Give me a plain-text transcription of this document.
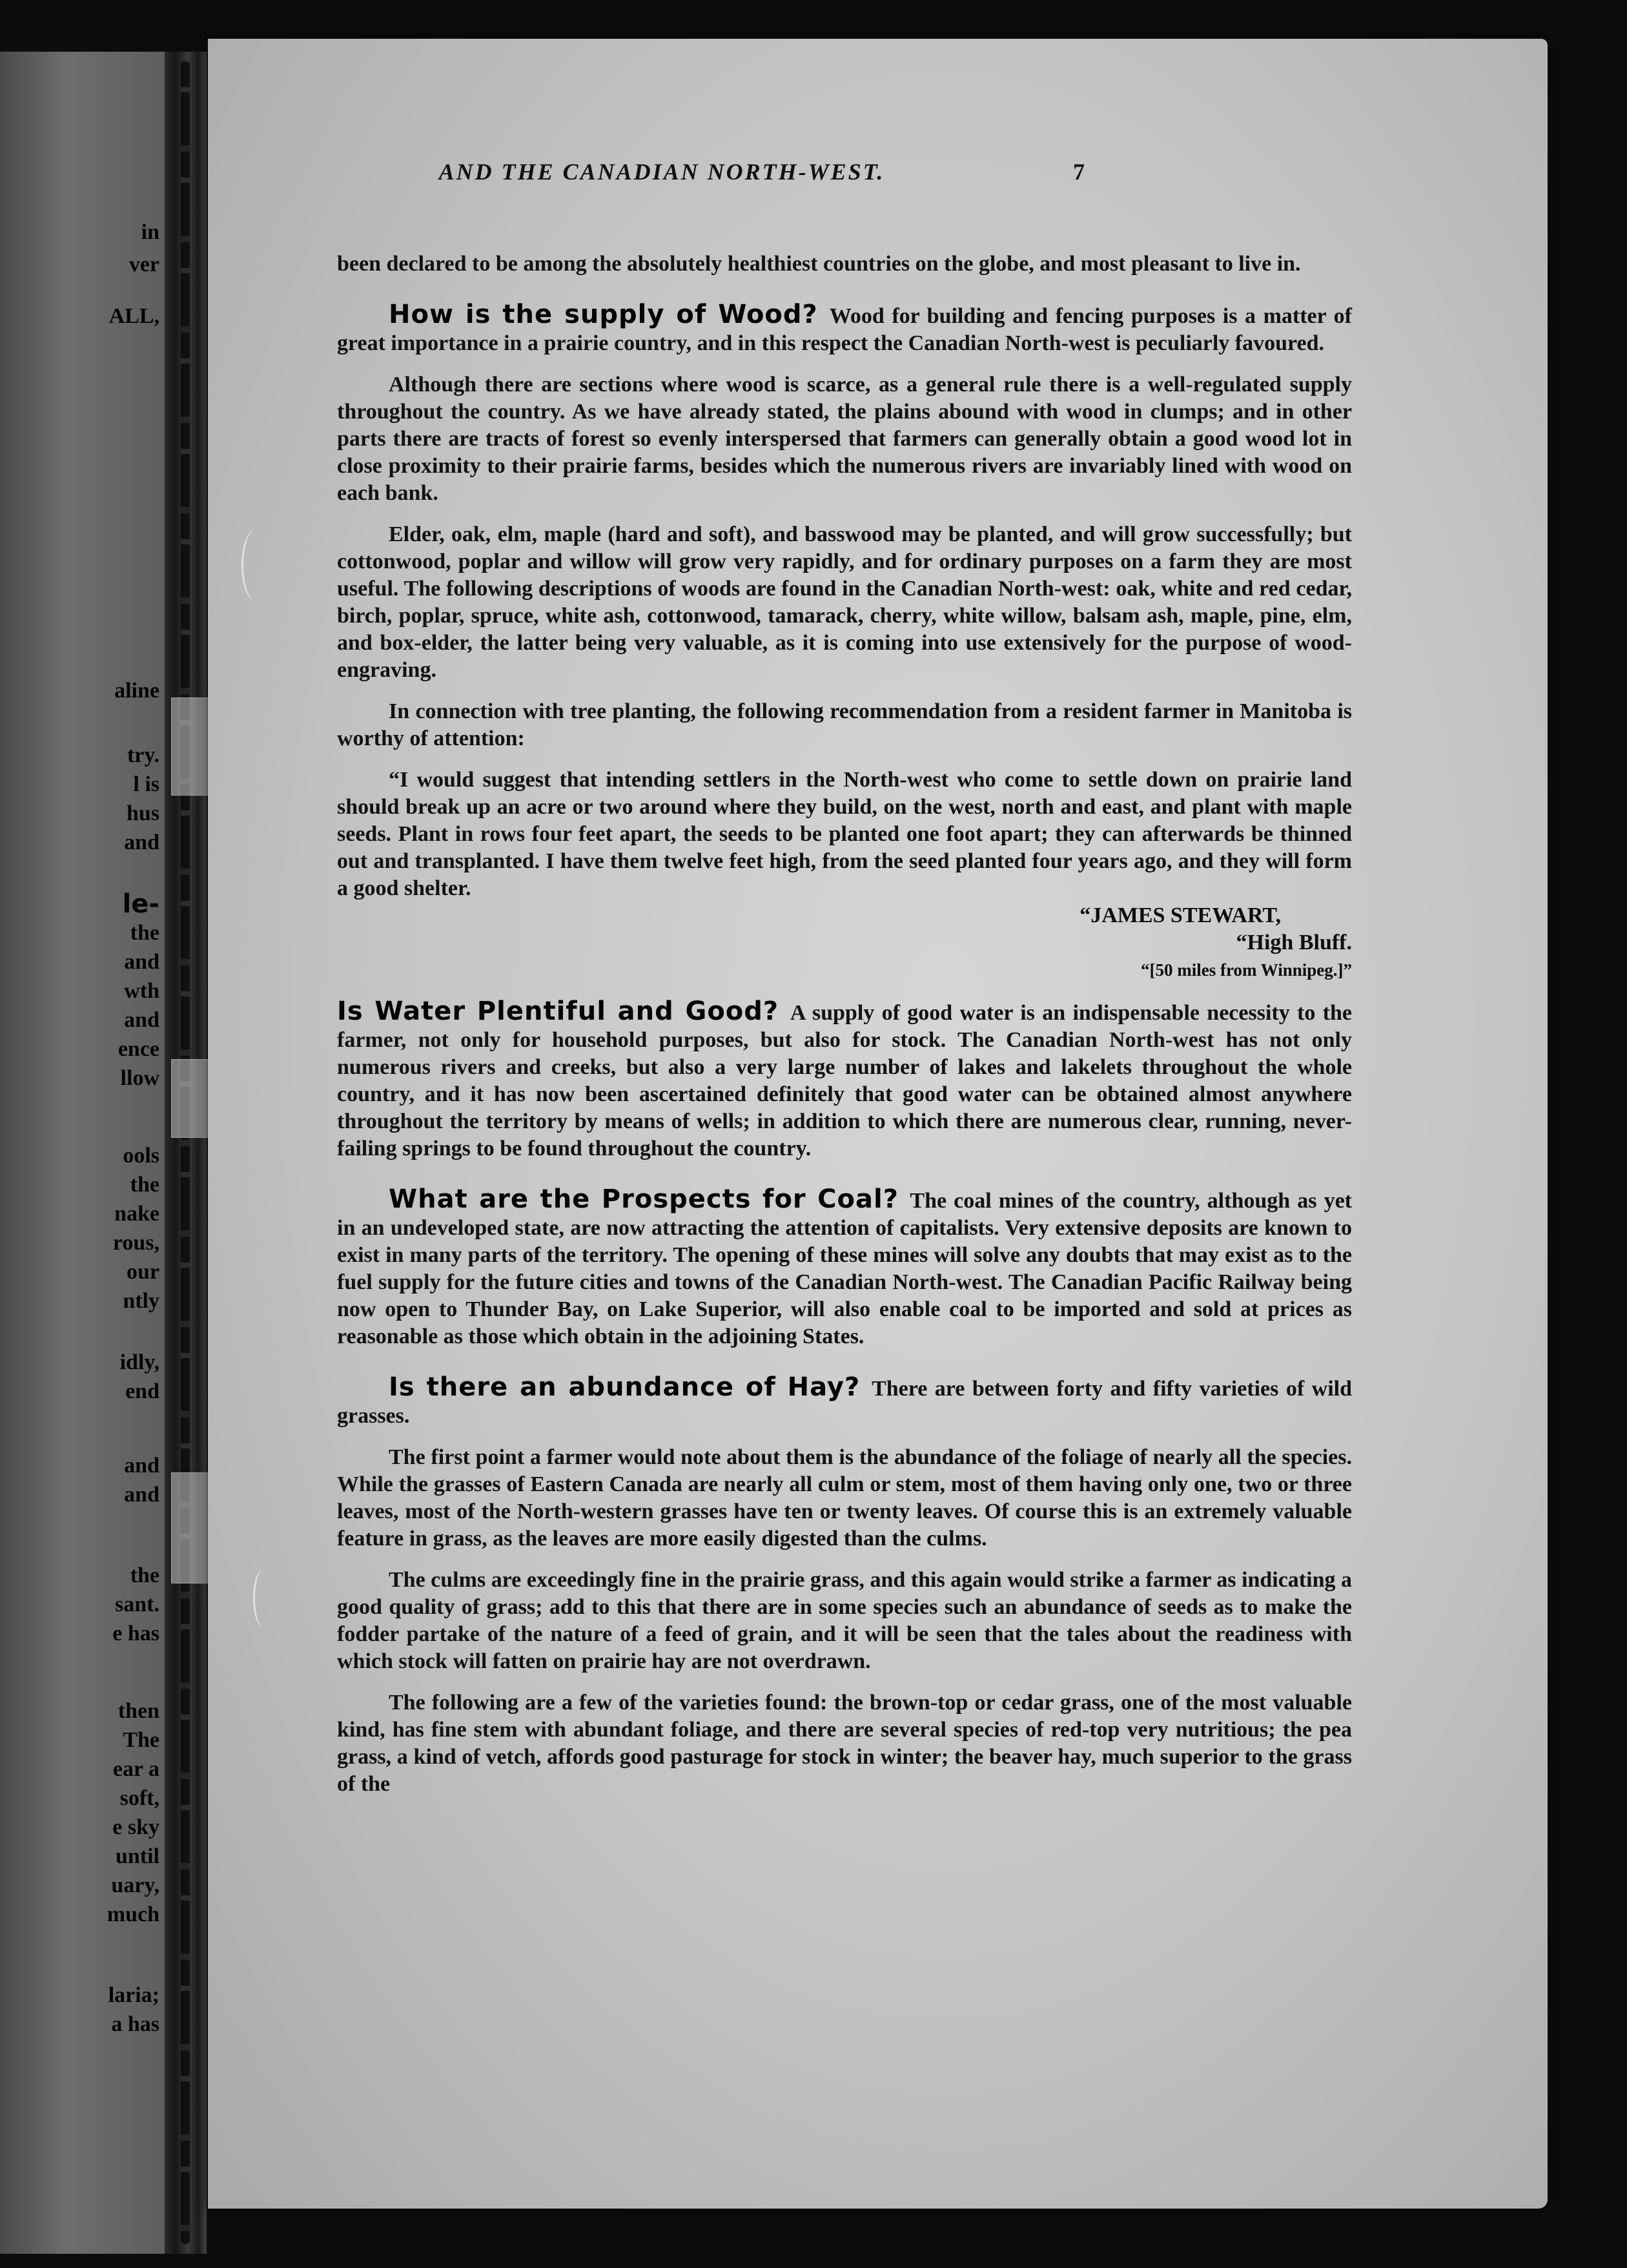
in

ver

ALL,

aline

try.

l is

hus

and

le-

the

and

wth

and

ence

llow

ools

the

nake

rous,

our

ntly

idly,

end

and

and

the

sant.

e has

then

The

ear a

soft,

e sky

until

uary,

much

laria;

a has

AND THE CANADIAN NORTH-WEST.	7

been declared to be among the absolutely healthiest countries on the globe, and most pleasant to live in.

How is the supply of Wood? Wood for building and fencing purposes is a matter of great importance in a prairie country, and in this respect the Canadian North-west is peculiarly favoured.

Although there are sections where wood is scarce, as a general rule there is a well-regulated supply throughout the country. As we have already stated, the plains abound with wood in clumps; and in other parts there are tracts of forest so evenly interspersed that farmers can generally obtain a good wood lot in close proximity to their prairie farms, besides which the numerous rivers are invariably lined with wood on each bank.

Elder, oak, elm, maple (hard and soft), and basswood may be planted, and will grow successfully; but cottonwood, poplar and willow will grow very rapidly, and for ordinary purposes on a farm they are most useful. The following descriptions of woods are found in the Canadian North-west: oak, white and red cedar, birch, poplar, spruce, white ash, cottonwood, tamarack, cherry, white willow, balsam ash, maple, pine, elm, and box-elder, the latter being very valuable, as it is coming into use extensively for the purpose of wood-engraving.

In connection with tree planting, the following recommendation from a resident farmer in Manitoba is worthy of attention:

“I would suggest that intending settlers in the North-west who come to settle down on prairie land should break up an acre or two around where they build, on the west, north and east, and plant with maple seeds. Plant in rows four feet apart, the seeds to be planted one foot apart; they can afterwards be thinned out and transplanted. I have them twelve feet high, from the seed planted four years ago, and they will form a good shelter.

“JAMES STEWART,
“High Bluff.
“[50 miles from Winnipeg.]”

Is Water Plentiful and Good? A supply of good water is an indispensable necessity to the farmer, not only for household purposes, but also for stock. The Canadian North-west has not only numerous rivers and creeks, but also a very large number of lakes and lakelets throughout the whole country, and it has now been ascertained definitely that good water can be obtained almost anywhere throughout the territory by means of wells; in addition to which there are numerous clear, running, never-failing springs to be found throughout the country.

What are the Prospects for Coal? The coal mines of the country, although as yet in an undeveloped state, are now attracting the attention of capitalists. Very extensive deposits are known to exist in many parts of the territory. The opening of these mines will solve any doubts that may exist as to the fuel supply for the future cities and towns of the Canadian North-west. The Canadian Pacific Railway being now open to Thunder Bay, on Lake Superior, will also enable coal to be imported and sold at prices as reasonable as those which obtain in the adjoining States.

Is there an abundance of Hay? There are between forty and fifty varieties of wild grasses.

The first point a farmer would note about them is the abundance of the foliage of nearly all the species. While the grasses of Eastern Canada are nearly all culm or stem, most of them having only one, two or three leaves, most of the North-western grasses have ten or twenty leaves. Of course this is an extremely valuable feature in grass, as the leaves are more easily digested than the culms.

The culms are exceedingly fine in the prairie grass, and this again would strike a farmer as indicating a good quality of grass; add to this that there are in some species such an abundance of seeds as to make the fodder partake of the nature of a feed of grain, and it will be seen that the tales about the readiness with which stock will fatten on prairie hay are not overdrawn.

The following are a few of the varieties found: the brown-top or cedar grass, one of the most valuable kind, has fine stem with abundant foliage, and there are several species of red-top very nutritious; the pea grass, a kind of vetch, affords good pasturage for stock in winter; the beaver hay, much superior to the grass of the
